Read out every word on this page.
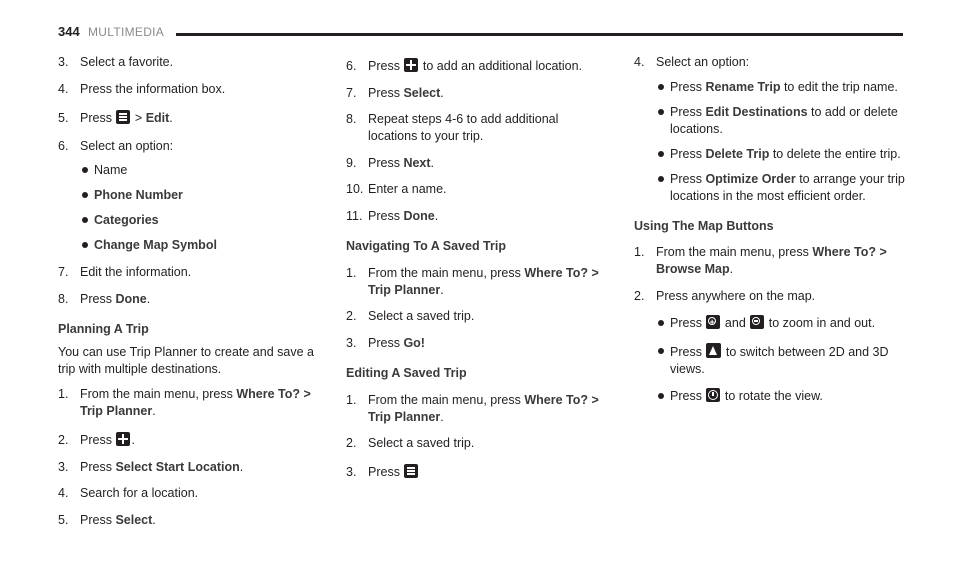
344 MULTIMEDIA
3. Select a favorite.
4. Press the information box.
5. Press  > Edit.
6. Select an option:
Name
Phone Number
Categories
Change Map Symbol
7. Edit the information.
8. Press Done.
Planning A Trip
You can use Trip Planner to create and save a trip with multiple destinations.
1. From the main menu, press Where To? > Trip Planner.
2. Press .
3. Press Select Start Location.
4. Search for a location.
5. Press Select.
6. Press  to add an additional location.
7. Press Select.
8. Repeat steps 4-6 to add additional locations to your trip.
9. Press Next.
10. Enter a name.
11. Press Done.
Navigating To A Saved Trip
1. From the main menu, press Where To? > Trip Planner.
2. Select a saved trip.
3. Press Go!
Editing A Saved Trip
1. From the main menu, press Where To? > Trip Planner.
2. Select a saved trip.
3. Press
4. Select an option:
Press Rename Trip to edit the trip name.
Press Edit Destinations to add or delete locations.
Press Delete Trip to delete the entire trip.
Press Optimize Order to arrange your trip locations in the most efficient order.
Using The Map Buttons
1. From the main menu, press Where To? > Browse Map.
2. Press anywhere on the map.
Press + and  to zoom in and out.
Press  to switch between 2D and 3D views.
Press  to rotate the view.
